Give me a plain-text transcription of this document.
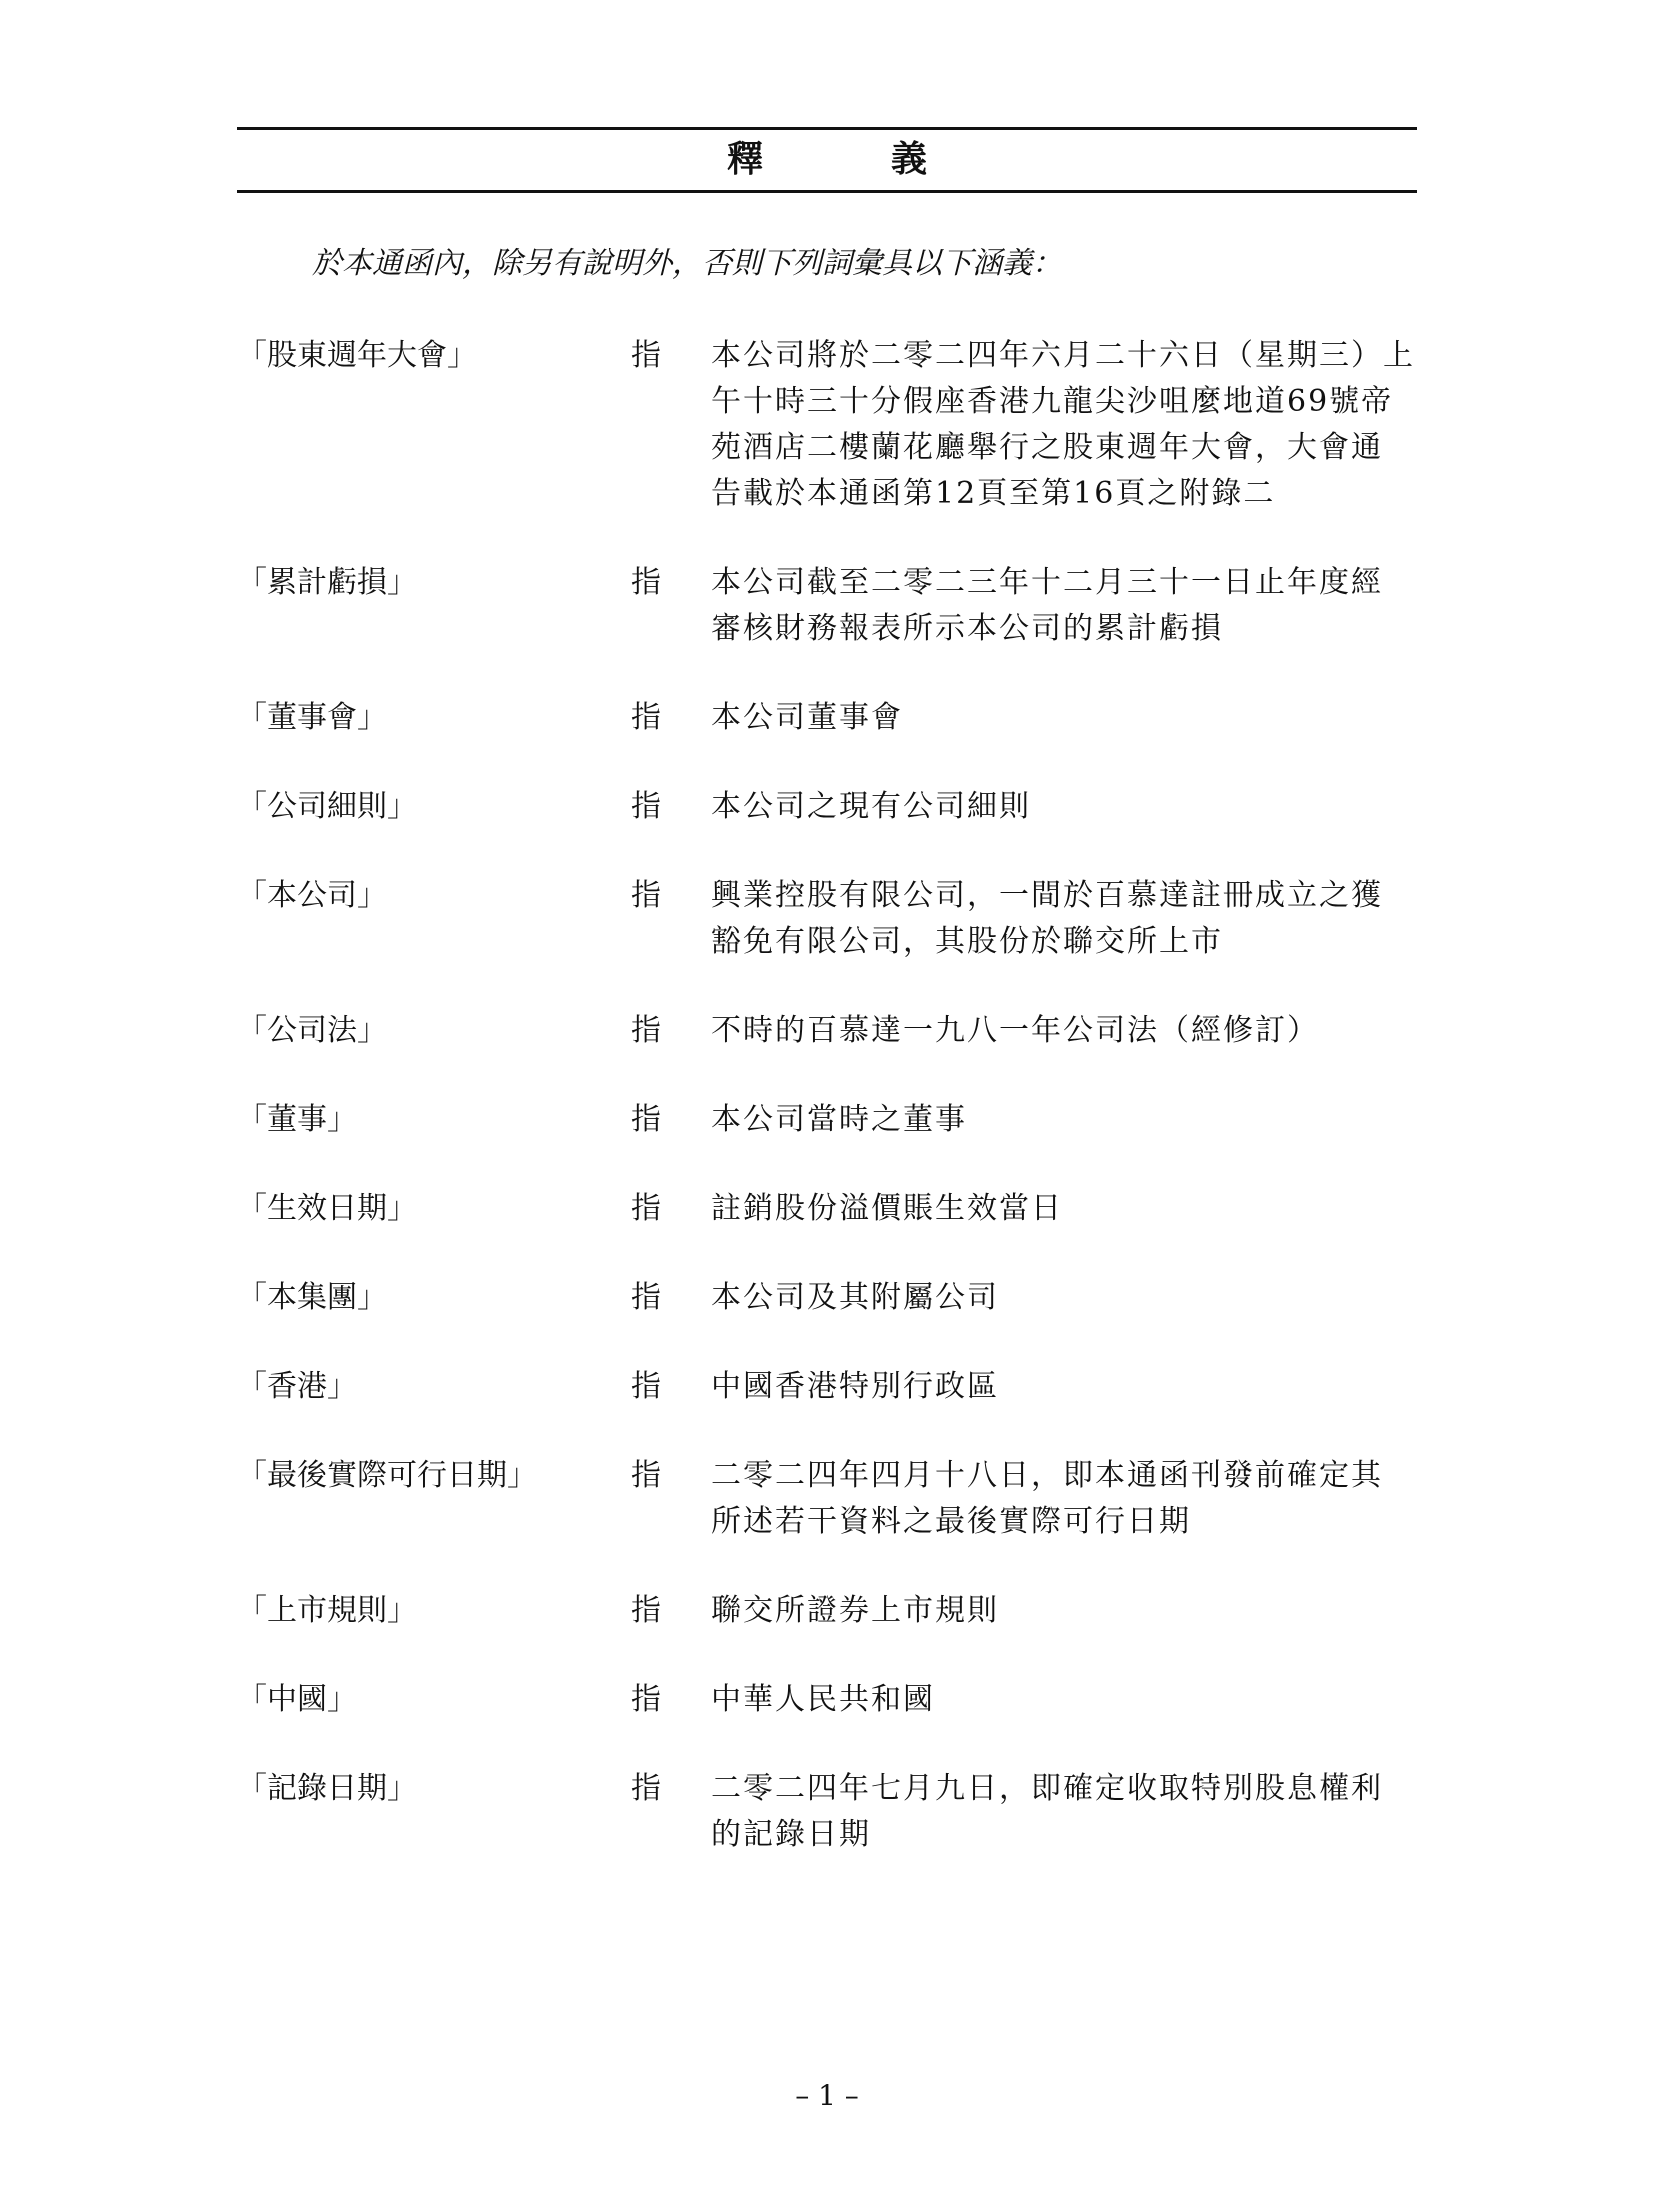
釋　義
於本通函內，除另有說明外，否則下列詞彙具以下涵義：
「股東週年大會」	指	本公司將於二零二四年六月二十六日（星期三）上
午十時三十分假座香港九龍尖沙咀麼地道69號帝
苑酒店二樓蘭花廳舉行之股東週年大會，大會通
告載於本通函第12頁至第16頁之附錄二
「累計虧損」	指	本公司截至二零二三年十二月三十一日止年度經
審核財務報表所示本公司的累計虧損
「董事會」	指	本公司董事會
「公司細則」	指	本公司之現有公司細則
「本公司」	指	興業控股有限公司，一間於百慕達註冊成立之獲
豁免有限公司，其股份於聯交所上市
「公司法」	指	不時的百慕達一九八一年公司法（經修訂）
「董事」	指	本公司當時之董事
「生效日期」	指	註銷股份溢價賬生效當日
「本集團」	指	本公司及其附屬公司
「香港」	指	中國香港特別行政區
「最後實際可行日期」	指	二零二四年四月十八日，即本通函刊發前確定其
所述若干資料之最後實際可行日期
「上市規則」	指	聯交所證券上市規則
「中國」	指	中華人民共和國
「記錄日期」	指	二零二四年七月九日，即確定收取特別股息權利
的記錄日期
– 1 –
